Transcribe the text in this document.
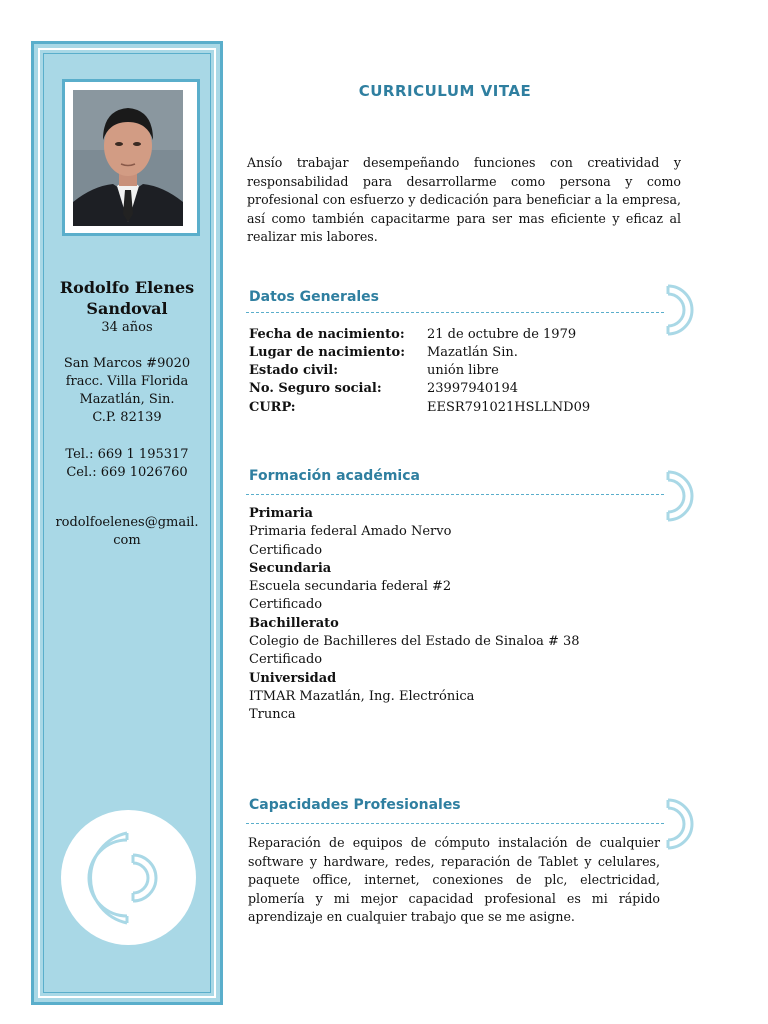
Rodolfo Elenes
Sandoval
34 años
San Marcos #9020
fracc. Villa Florida
Mazatlán, Sin.
C.P. 82139
Tel.: 669 1 195317
Cel.: 669 1026760
rodolfoelenes@gmail.
com
CURRICULUM VITAE
Ansío trabajar desempeñando funciones con creatividad y responsabilidad para desarrollarme como persona y como profesional con esfuerzo y dedicación para beneficiar a la empresa, así como también capacitarme para ser mas eficiente y eficaz al realizar mis labores.
Datos Generales
Fecha de nacimiento: 21 de octubre de 1979
Lugar de nacimiento: Mazatlán Sin.
Estado civil:	unión libre
No. Seguro social:	23997940194
CURP:	EESR791021HSLLND09
Formación académica
Primaria
Primaria federal Amado Nervo
Certificado
Secundaria
Escuela secundaria federal #2
Certificado
Bachillerato
Colegio de Bachilleres del Estado de Sinaloa # 38
Certificado
Universidad
ITMAR Mazatlán, Ing. Electrónica
Trunca
Capacidades Profesionales
Reparación de equipos de cómputo instalación de cualquier software y hardware, redes, reparación de Tablet y celulares, paquete office, internet, conexiones de plc, electricidad, plomería y mi mejor capacidad profesional es mi rápido aprendizaje en cualquier trabajo que se me asigne.
